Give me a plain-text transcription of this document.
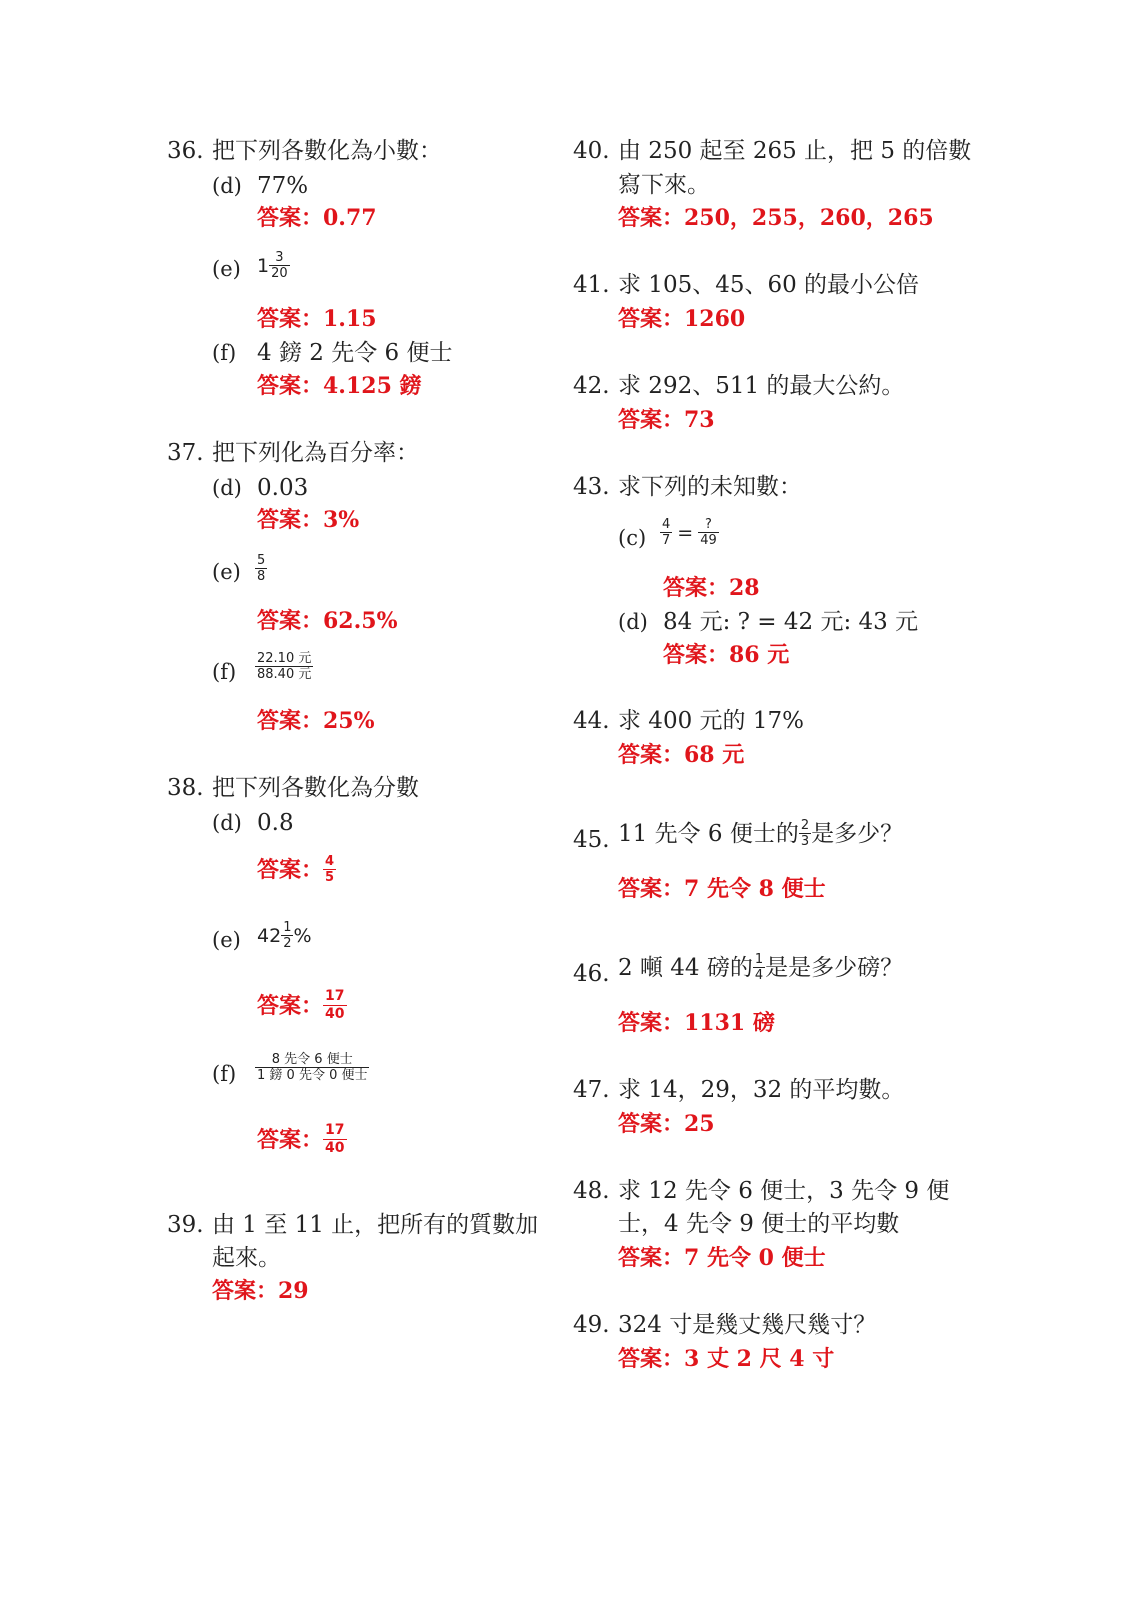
36. 把下列各數化為小數：
(d) 77%
答案：0.77
(e) $1 \frac{3}{20}$
答案：1.15
(f) 4 鎊 2 先令 6 便士
答案：4.125 鎊
37. 把下列化為百分率：
(d) 0.03
答案：3%
(e) 5
8
答案：62.5%
(f)
22.10 元
88.40 元
答案：25%
38. 把下列各數化為分數
(d) 0.8
答案： $\frac{4}{5}$
(e) $42 \frac{1}{2}$ %
答案： $\frac{17}{40}$
(f)
8 先令 6 便士
1 鎊 0 先令 0 便士
答案： $\frac{17}{40}$
39. 由 1 至 11 止，把所有的質數加
起來。
答案：29
40. 由 250 起至 265 止，把 5 的倍數
寫下來。
答案：250，255，260，265
41. 求 105、45、60 的最小公倍
答案：1260
42. 求 292、511 的最大公約。
答案：73
43. 求下列的未知數：
$(c) \frac{4}{7} = \frac{?}{49}$
答案：28
(d) 84 元: ? = 42 元: 43 元
答案：86 元
44. 求 400 元的 17%
答案：68 元
45. 11 先令 6 便士的 $\frac{2}{3}$ 是多少？
答案：7 先令 8 便士
46. 2 噸 44 磅的 $\frac{1}{4}$ 是是多少磅？
答案：1131 磅
47. 求 14，29，32 的平均數。
答案：25
48. 求 12 先令 6 便士，3 先令 9 便
士，4 先令 9 便士的平均數
答案：7 先令 0 便士
49. 324 寸是幾丈幾尺幾寸？
答案：3 丈 2 尺 4 寸
